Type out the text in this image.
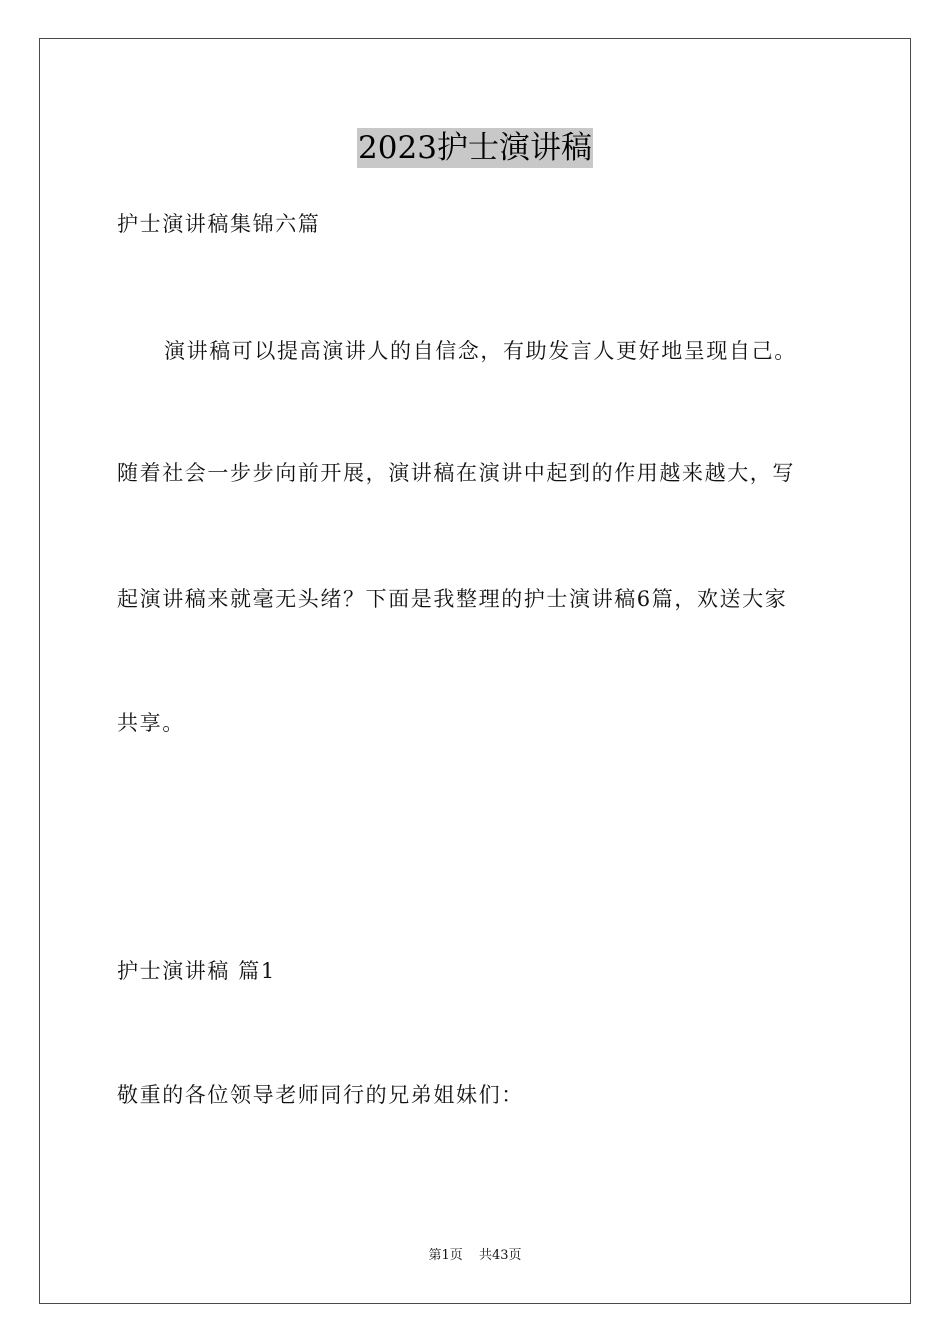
2023护士演讲稿
护士演讲稿集锦六篇
演讲稿可以提高演讲人的自信念，有助发言人更好地呈现自己。
随着社会一步步向前开展，演讲稿在演讲中起到的作用越来越大，写
起演讲稿来就毫无头绪？下面是我整理的护士演讲稿6篇，欢送大家
共享。
护士演讲稿 篇1
敬重的各位领导老师同行的兄弟姐妹们：
第1页 共43页
